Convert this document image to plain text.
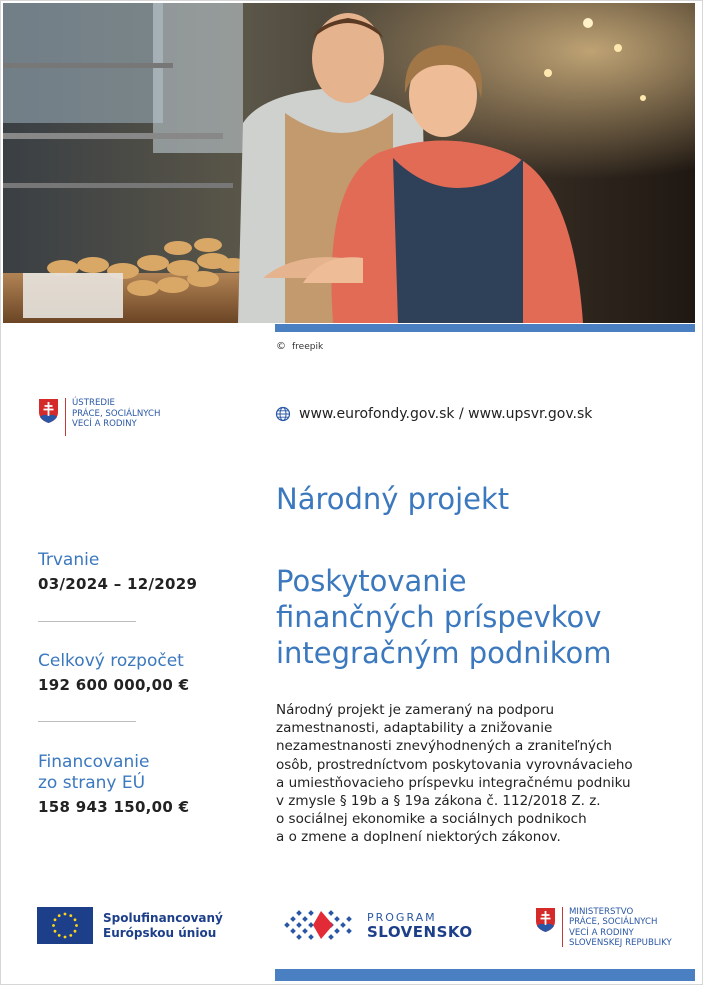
© freepik
ÚSTREDIE
PRÁCE, SOCIÁLNYCH
VECÍ A RODINY
www.eurofondy.gov.sk / www.upsvr.gov.sk
Národný projekt
Poskytovanie
finančných príspevkov
integračným podnikom
Národný projekt je zameraný na podporu
zamestnanosti, adaptability a znižovanie
nezamestnanosti znevýhodnených a zraniteľných
osôb, prostredníctvom poskytovania vyrovnávacieho
a umiestňovacieho príspevku integračnému podniku
v zmysle § 19b a § 19a zákona č. 112/2018 Z. z.
o sociálnej ekonomike a sociálnych podnikoch
a o zmene a doplnení niektorých zákonov.
Trvanie
03/2024 – 12/2029
Celkový rozpočet
192 600 000,00 €
Financovanie
zo strany EÚ
158 943 150,00 €
Spolufinancovaný
Európskou úniou
PROGRAM
SLOVENSKO
MINISTERSTVO
PRÁCE, SOCIÁLNYCH
VECÍ A RODINY
SLOVENSKEJ REPUBLIKY
